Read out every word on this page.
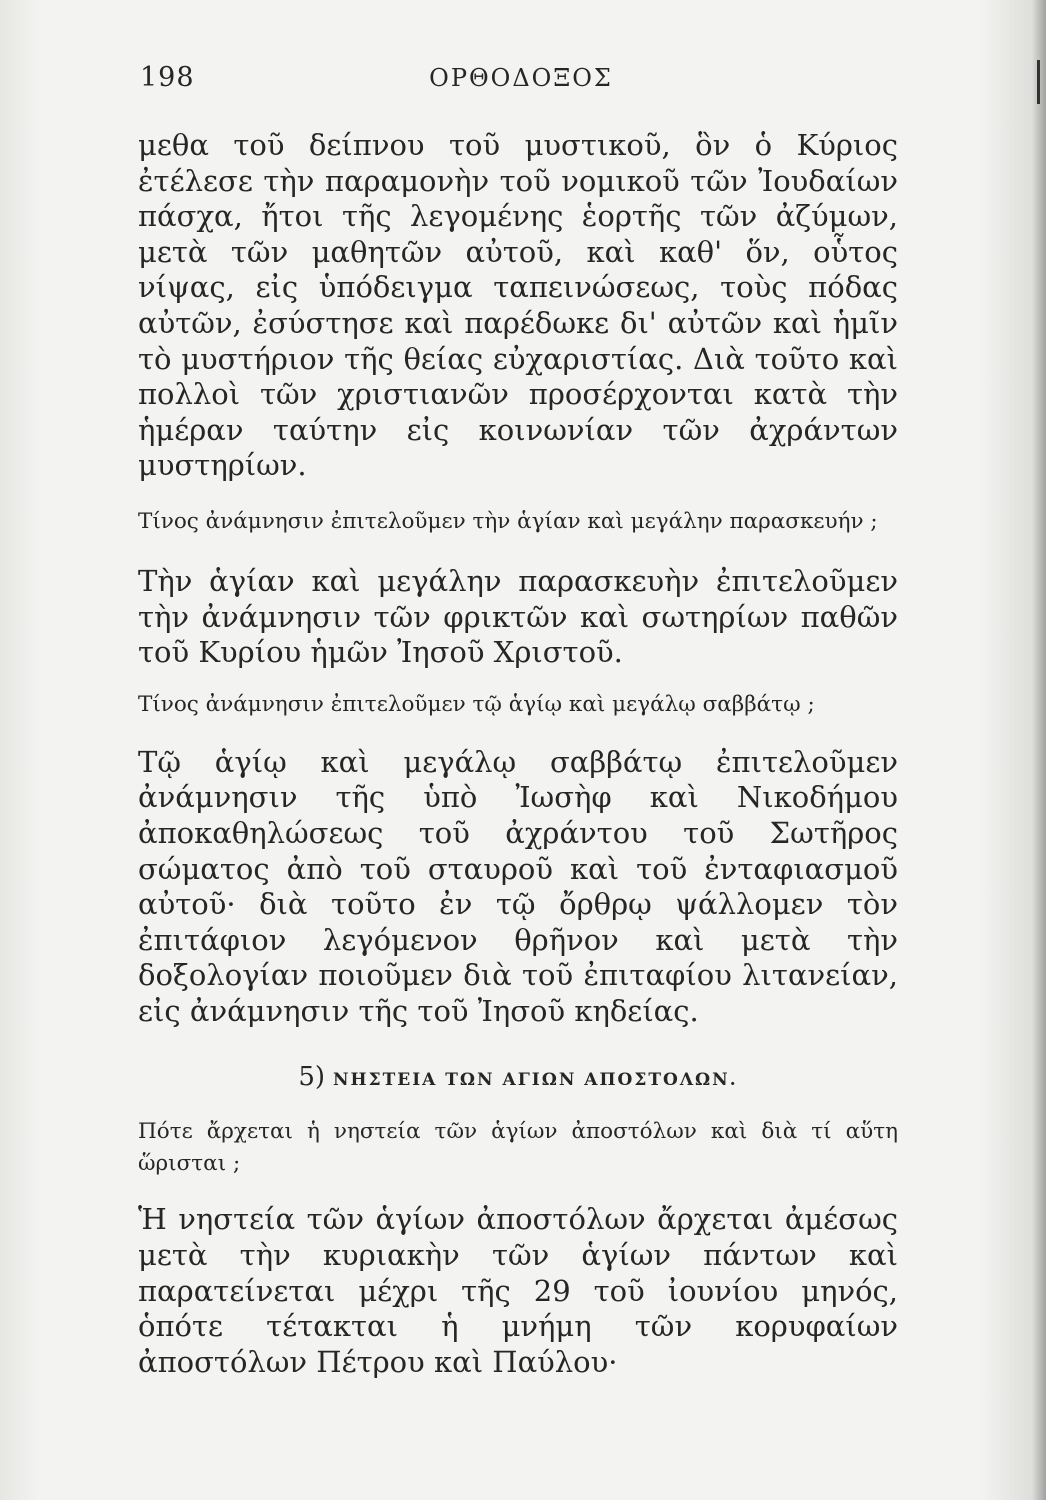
198	ΟΡΘΟΔΟΞΟΣ

μεθα τοῦ δείπνου τοῦ μυστικοῦ, ὃν ὁ Κύριος ἐτέλεσε τὴν παραμονὴν τοῦ νομικοῦ τῶν Ἰουδαίων πάσχα, ἤτοι τῆς λεγομένης ἑορτῆς τῶν ἀζύμων, μετὰ τῶν μαθητῶν αὐτοῦ, καὶ καθ' ὅν, οὗτος νίψας, εἰς ὑπόδειγμα ταπεινώσεως, τοὺς πόδας αὐτῶν, ἐσύστησε καὶ παρέδωκε δι' αὐτῶν καὶ ἡμῖν τὸ μυστήριον τῆς θείας εὐχαριστίας. Διὰ τοῦτο καὶ πολλοὶ τῶν χριστιανῶν προσέρχονται κατὰ τὴν ἡμέραν ταύτην εἰς κοινωνίαν τῶν ἀχράντων μυστηρίων.

Τίνος ἀνάμνησιν ἐπιτελοῦμεν τὴν ἁγίαν καὶ μεγάλην παρασκευήν ;

Τὴν ἁγίαν καὶ μεγάλην παρασκευὴν ἐπιτελοῦμεν τὴν ἀνάμνησιν τῶν φρικτῶν καὶ σωτηρίων παθῶν τοῦ Κυρίου ἡμῶν Ἰησοῦ Χριστοῦ.

Τίνος ἀνάμνησιν ἐπιτελοῦμεν τῷ ἁγίῳ καὶ μεγάλῳ σαββάτῳ ;

Τῷ ἁγίῳ καὶ μεγάλῳ σαββάτῳ ἐπιτελοῦμεν ἀνάμνησιν τῆς ὑπὸ Ἰωσὴφ καὶ Νικοδήμου ἀποκαθηλώσεως τοῦ ἀχράντου τοῦ Σωτῆρος σώματος ἀπὸ τοῦ σταυροῦ καὶ τοῦ ἐνταφιασμοῦ αὐτοῦ· διὰ τοῦτο ἐν τῷ ὄρθρῳ ψάλλομεν τὸν ἐπιτάφιον λεγόμενον θρῆνον καὶ μετὰ τὴν δοξολογίαν ποιοῦμεν διὰ τοῦ ἐπιταφίου λιτανείαν, εἰς ἀνάμνησιν τῆς τοῦ Ἰησοῦ κηδείας.

5) ΝΗΣΤΕΙΑ ΤΩΝ ΑΓΙΩΝ ΑΠΟΣΤΟΛΩΝ.

Πότε ἄρχεται ἡ νηστεία τῶν ἁγίων ἀποστόλων καὶ διὰ τί αὕτη ὥρισται ;

Ἡ νηστεία τῶν ἁγίων ἀποστόλων ἄρχεται ἀμέσως μετὰ τὴν κυριακὴν τῶν ἁγίων πάντων καὶ παρατείνεται μέχρι τῆς 29 τοῦ ἰουνίου μηνός, ὁπότε τέτακται ἡ μνήμη τῶν κορυφαίων ἀποστόλων Πέτρου καὶ Παύλου·
